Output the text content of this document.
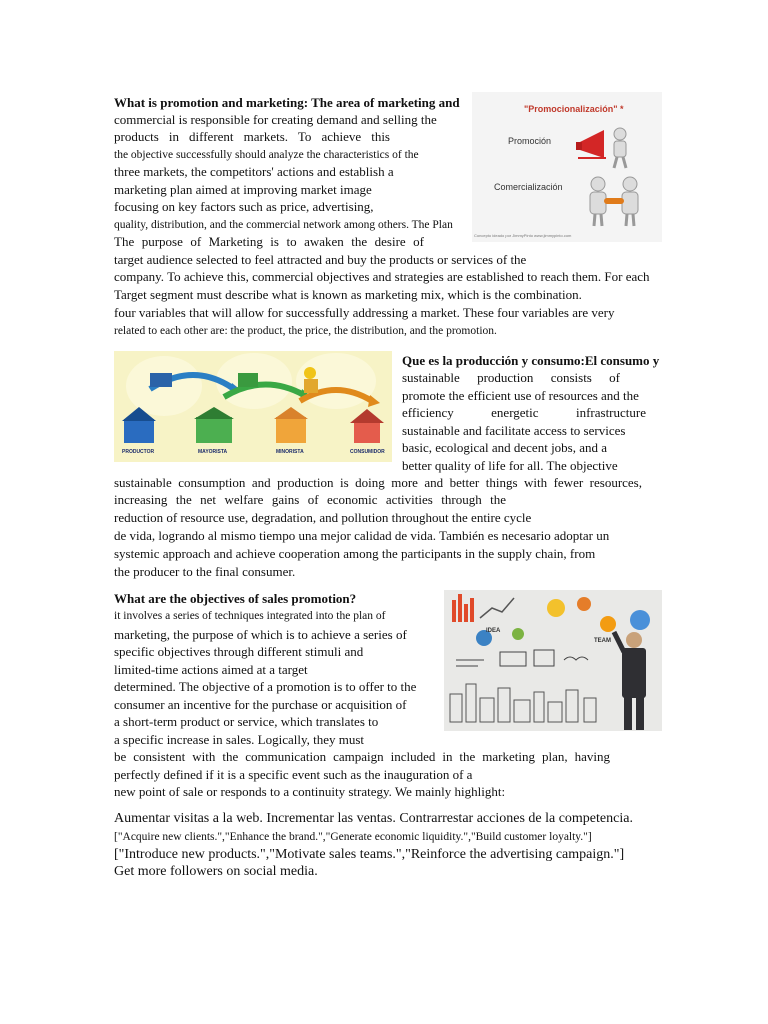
What is promotion and marketing: The area of marketing and
commercial is responsible for creating demand and selling the
products in different markets. To achieve this
the objective successfully should analyze the characteristics of the
three markets, the competitors' actions and establish a
marketing plan aimed at improving market image
focusing on key factors such as price, advertising,
quality, distribution, and the commercial network among others. The Plan
The purpose of Marketing is to awaken the desire of
target audience selected to feel attracted and buy the products or services of the
company. To achieve this, commercial objectives and strategies are established to reach them. For each
Target segment must describe what is known as marketing mix, which is the combination.
four variables that will allow for successfully addressing a market. These four variables are very
related to each other are: the product, the price, the distribution, and the promotion.
"Promocionalización" *
Promoción
Comercialización
Concepto ideado por JimmyPinto www.jimmypinto.com
PRODUCTOR	MAYORISTA	MINORISTA	CONSUMIDOR
Que es la producción y consumo:El consumo y
sustainable production consists of
promote the efficient use of resources and the
efficiency energetic infrastructure
sustainable and facilitate access to services
basic, ecological and decent jobs, and a
better quality of life for all. The objective
sustainable consumption and production is doing more and better things with fewer resources,
increasing the net welfare gains of economic activities through the
reduction of resource use, degradation, and pollution throughout the entire cycle
de vida, logrando al mismo tiempo una mejor calidad de vida. También es necesario adoptar un
systemic approach and achieve cooperation among the participants in the supply chain, from
the producer to the final consumer.
What are the objectives of sales promotion?
it involves a series of techniques integrated into the plan of
marketing, the purpose of which is to achieve a series of
specific objectives through different stimuli and
limited-time actions aimed at a target
determined. The objective of a promotion is to offer to the
consumer an incentive for the purchase or acquisition of
a short-term product or service, which translates to
a specific increase in sales. Logically, they must
be consistent with the communication campaign included in the marketing plan, having
perfectly defined if it is a specific event such as the inauguration of a
new point of sale or responds to a continuity strategy. We mainly highlight:
IDEA
TEAM
Aumentar visitas a la web. Incrementar las ventas. Contrarrestar acciones de la competencia.
["Acquire new clients.","Enhance the brand.","Generate economic liquidity.","Build customer loyalty."]
["Introduce new products.","Motivate sales teams.","Reinforce the advertising campaign."]
Get more followers on social media.
